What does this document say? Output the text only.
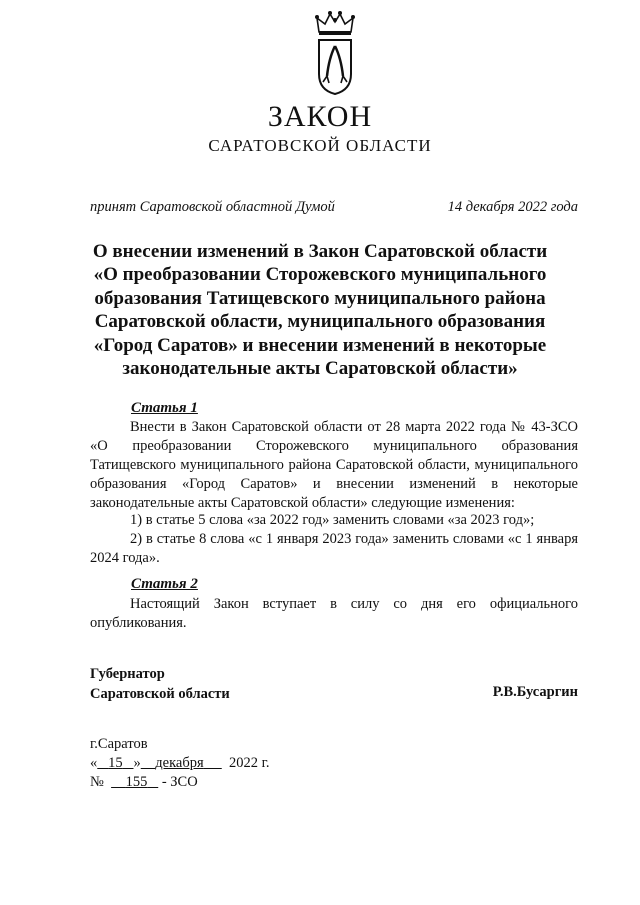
ЗАКОН
САРАТОВСКОЙ ОБЛАСТИ
принят Саратовской областной Думой	14 декабря 2022 года
О внесении изменений в Закон Саратовской области
«О преобразовании Сторожевского муниципального
образования Татищевского муниципального района
Саратовской области, муниципального образования
«Город Саратов» и внесении изменений в некоторые
законодательные акты Саратовской области»
Статья 1

Внести в Закон Саратовской области от 28 марта 2022 года № 43-ЗСО «О преобразовании Сторожевского муниципального образования Татищевского муниципального района Саратовской области, муниципального образования «Город Саратов» и внесении изменений в некоторые законодательные акты Саратовской области» следующие изменения:

1) в статье 5 слова «за 2022 год» заменить словами «за 2023 год»;

2) в статье 8 слова «с 1 января 2023 года» заменить словами «с 1 января 2024 года».

Статья 2

Настоящий Закон вступает в силу со дня его официального опубликования.

Губернатор
Саратовской области	Р.В.Бусаргин
г.Саратов
« 15 » декабря 2022 г.
№      155 - ЗСО
